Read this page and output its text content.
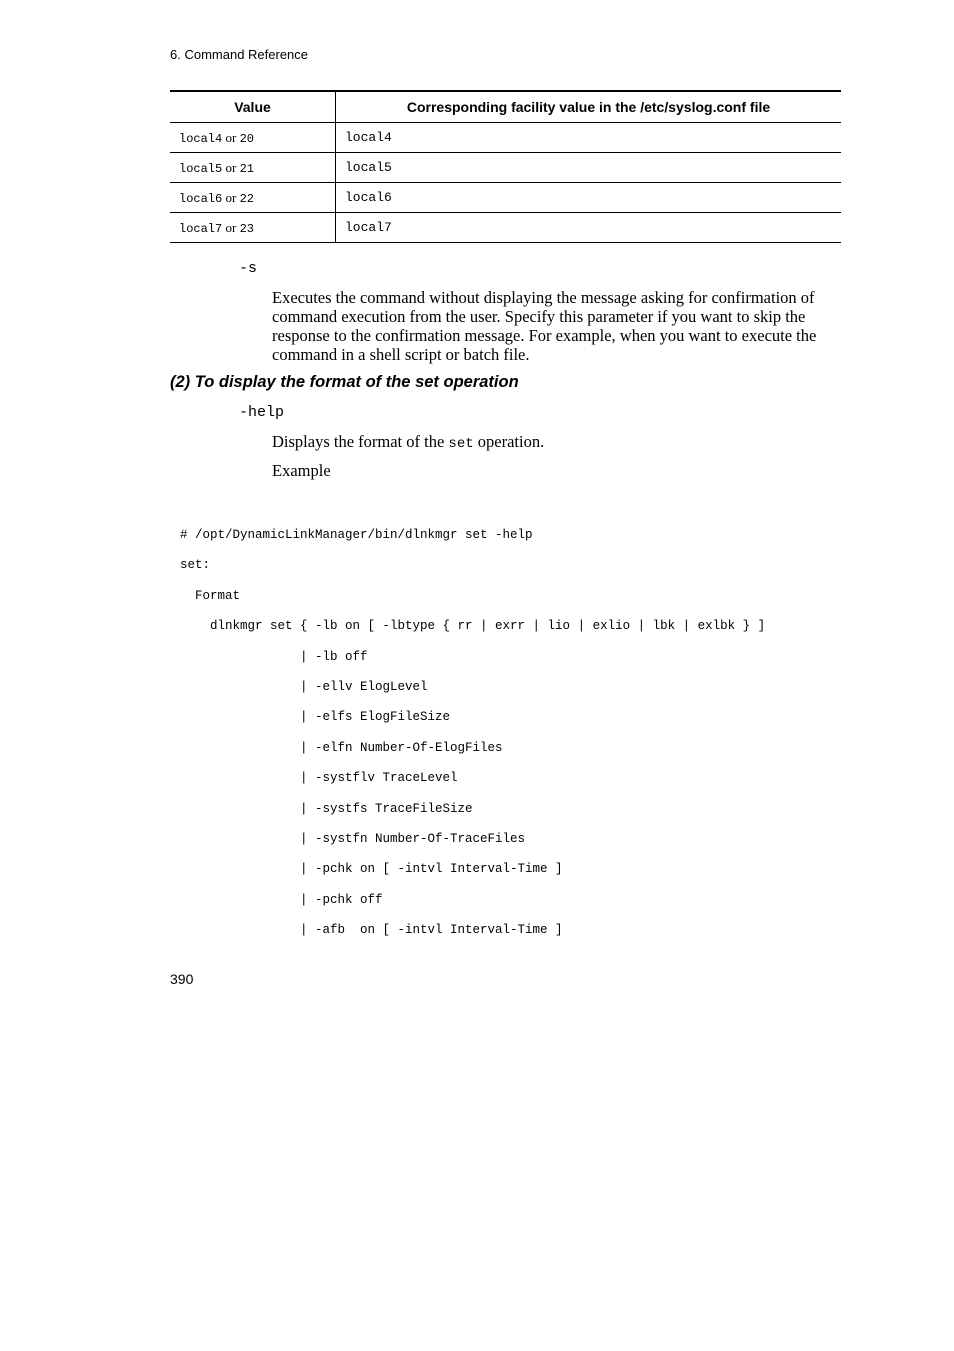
6. Command Reference
Value	Corresponding facility value in the /etc/syslog.conf file
local4 or 20	local4
local5 or 21	local5
local6 or 22	local6
local7 or 23	local7
-s
Executes the command without displaying the message asking for confirmation of command execution from the user. Specify this parameter if you want to skip the response to the confirmation message. For example, when you want to execute the command in a shell script or batch file.
(2) To display the format of the set operation
-help
Displays the format of the set operation.
Example
# /opt/DynamicLinkManager/bin/dlnkmgr set -help
set:
Format
dlnkmgr set { -lb on [ -lbtype { rr | exrr | lio | exlio | lbk | exlbk } ]
| -lb off
| -ellv ElogLevel
| -elfs ElogFileSize
| -elfn Number-Of-ElogFiles
| -systflv TraceLevel
| -systfs TraceFileSize
| -systfn Number-Of-TraceFiles
| -pchk on [ -intvl Interval-Time ]
| -pchk off
| -afb  on [ -intvl Interval-Time ]
390
